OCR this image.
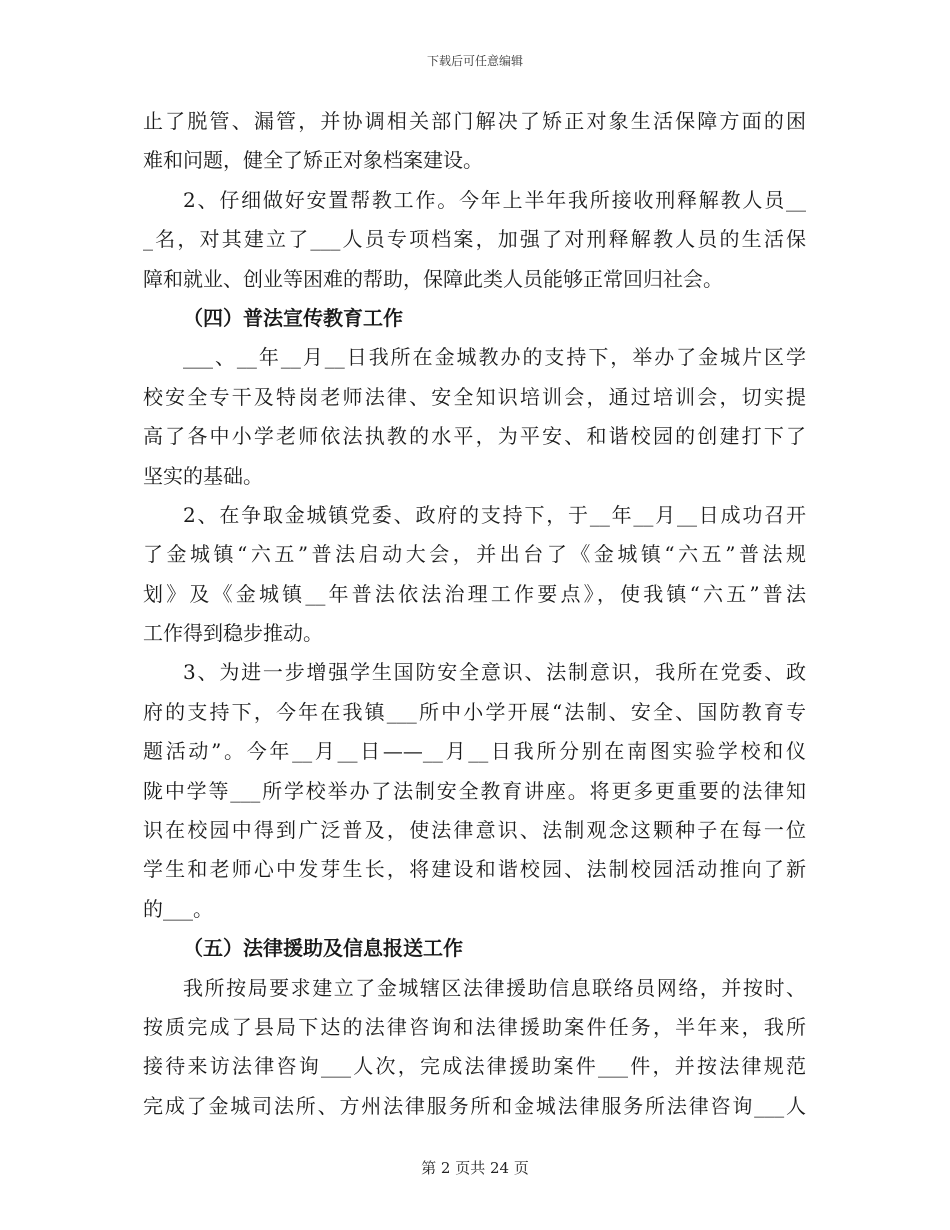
下载后可任意编辑
止了脱管、漏管，并协调相关部门解决了矫正对象生活保障方面的困
难和问题，健全了矫正对象档案建设。
2、仔细做好安置帮教工作。今年上半年我所接收刑释解教人员__
_名，对其建立了___人员专项档案，加强了对刑释解教人员的生活保
障和就业、创业等困难的帮助，保障此类人员能够正常回归社会。
（四）普法宣传教育工作
___、__年__月__日我所在金城教办的支持下，举办了金城片区学
校安全专干及特岗老师法律、安全知识培训会，通过培训会，切实提
高了各中小学老师依法执教的水平，为平安、和谐校园的创建打下了
坚实的基础。
2、在争取金城镇党委、政府的支持下，于__年__月__日成功召开
了金城镇“六五”普法启动大会，并出台了《金城镇“六五”普法规
划》及《金城镇__年普法依法治理工作要点》，使我镇“六五”普法
工作得到稳步推动。
3、为进一步增强学生国防安全意识、法制意识，我所在党委、政
府的支持下，今年在我镇___所中小学开展“法制、安全、国防教育专
题活动”。今年__月__日——__月__日我所分别在南图实验学校和仪
陇中学等___所学校举办了法制安全教育讲座。将更多更重要的法律知
识在校园中得到广泛普及，使法律意识、法制观念这颗种子在每一位
学生和老师心中发芽生长，将建设和谐校园、法制校园活动推向了新
的___。
（五）法律援助及信息报送工作
我所按局要求建立了金城辖区法律援助信息联络员网络，并按时、
按质完成了县局下达的法律咨询和法律援助案件任务，半年来，我所
接待来访法律咨询___人次，完成法律援助案件___件，并按法律规范
完成了金城司法所、方州法律服务所和金城法律服务所法律咨询___人
第 2 页共 24 页
